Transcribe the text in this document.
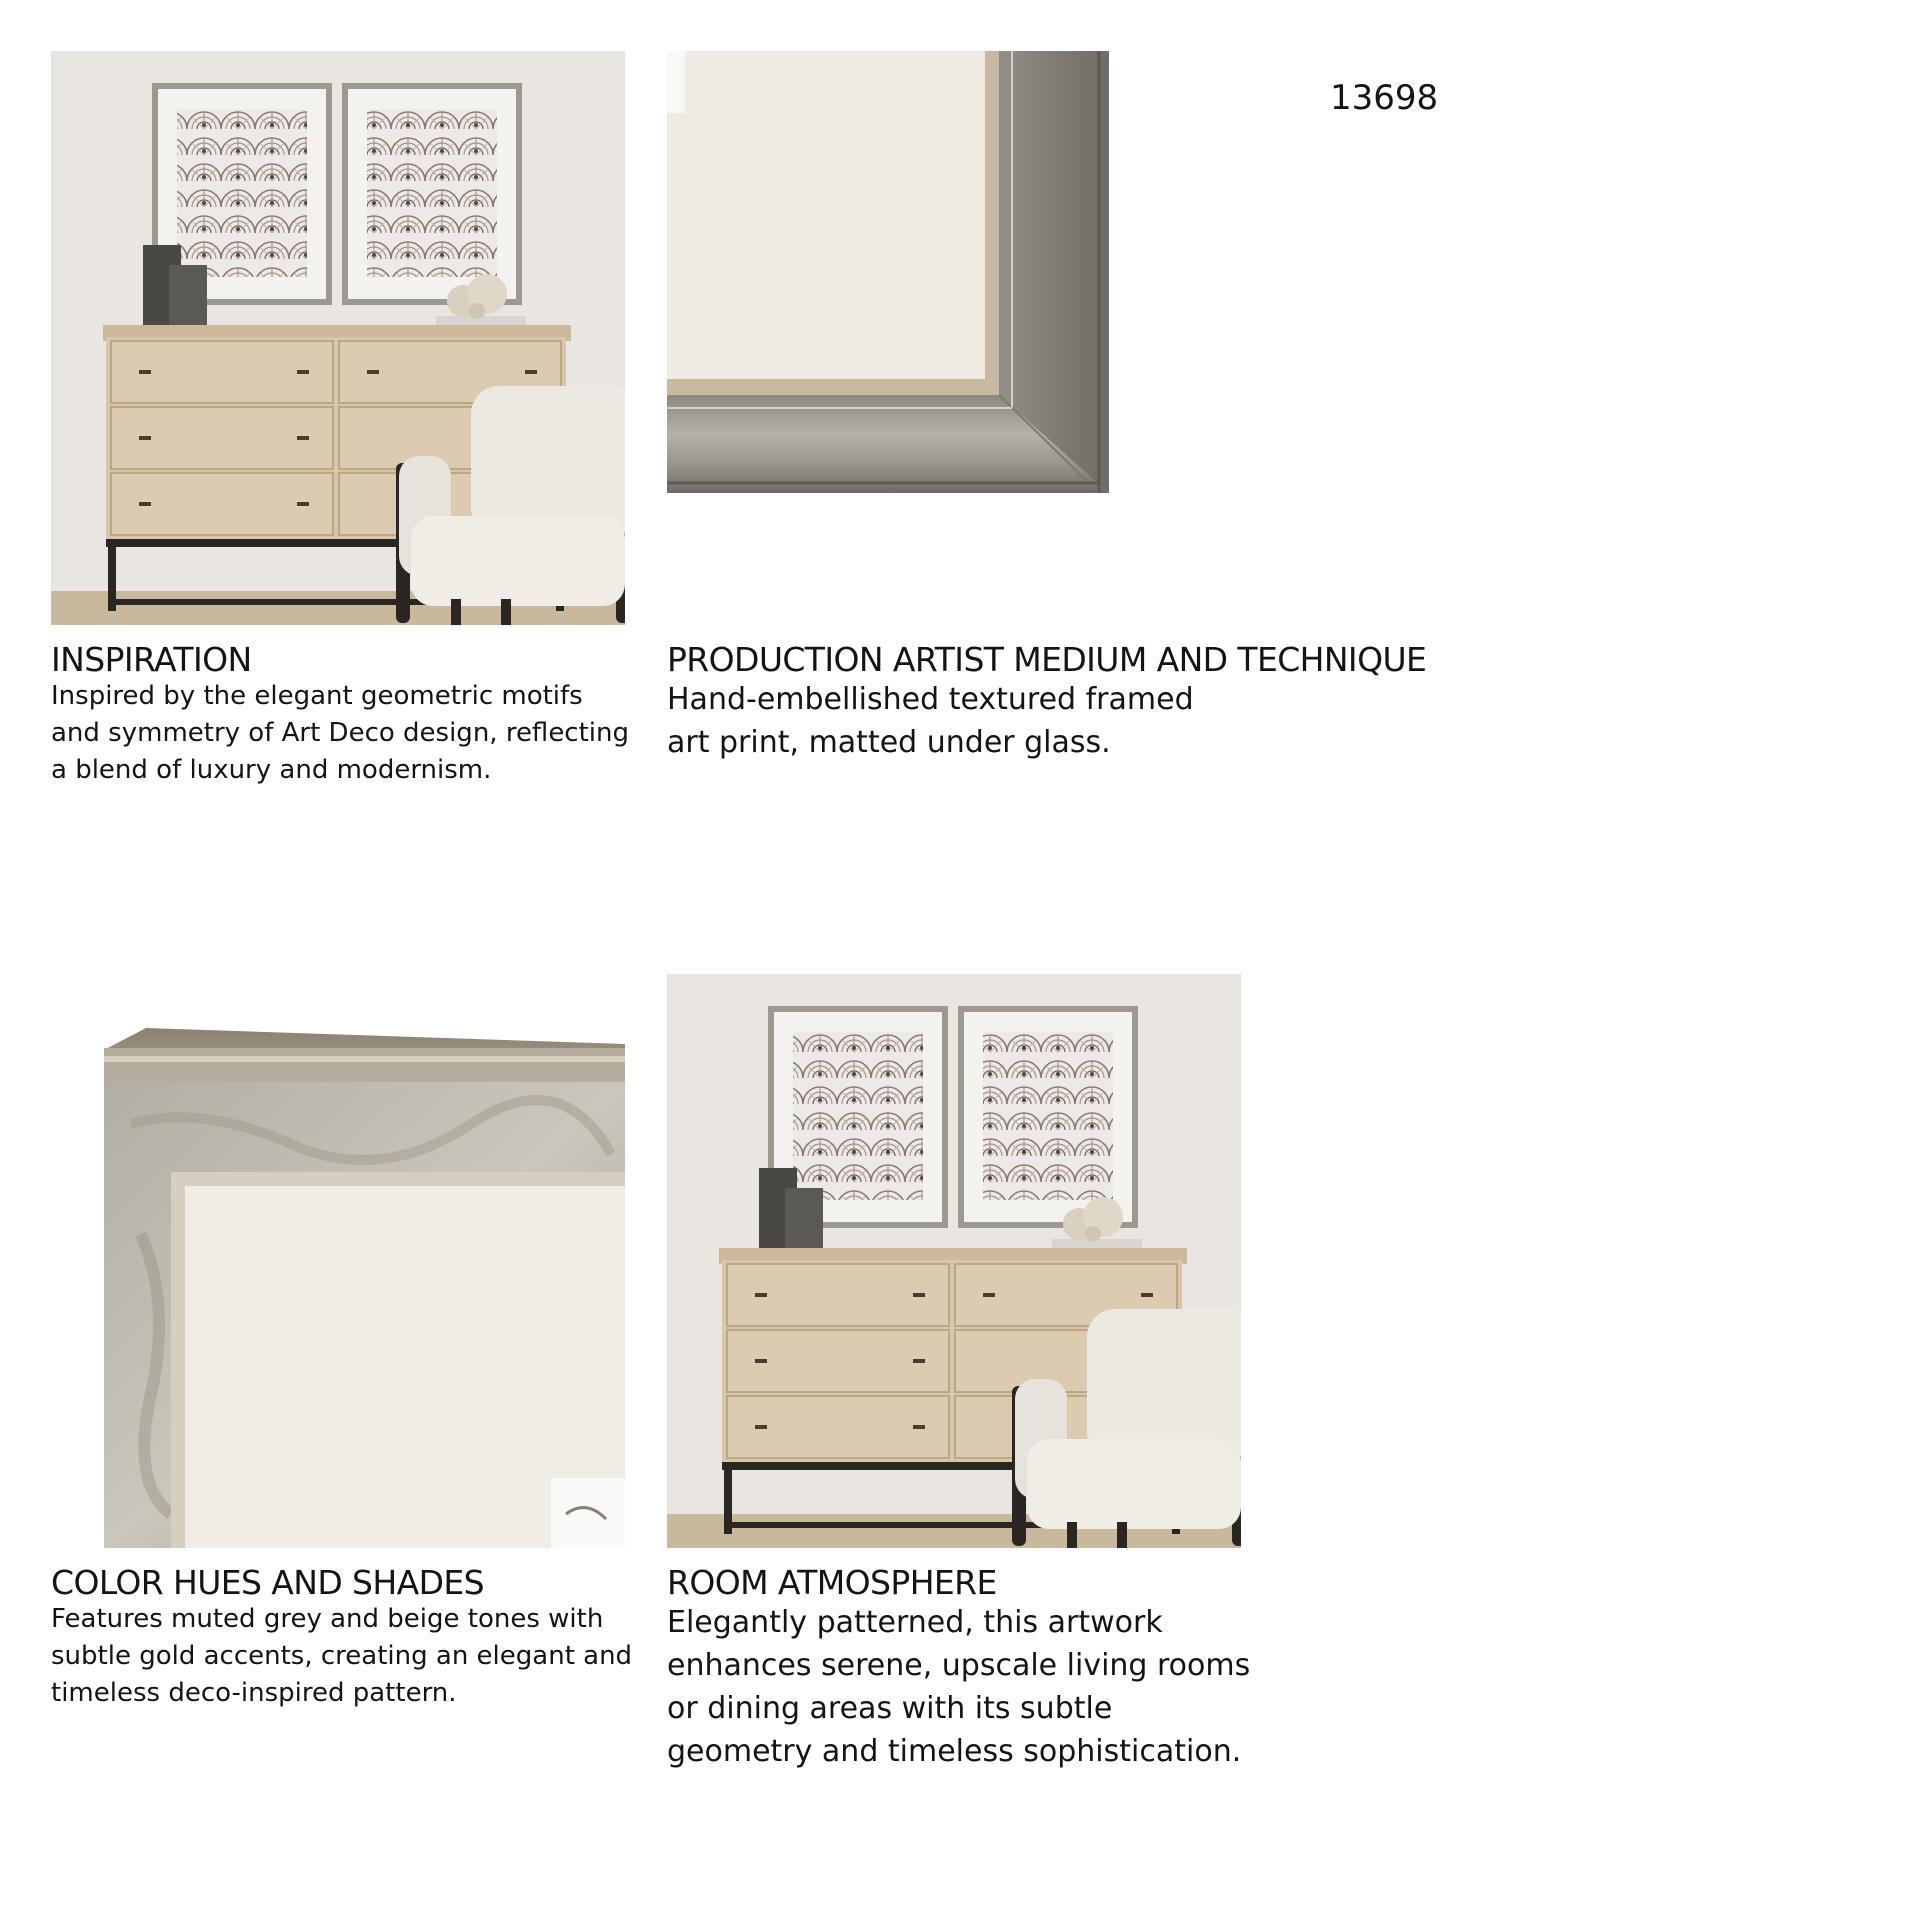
13698
INSPIRATION

Inspired by the elegant geometric motifs and symmetry of Art Deco design, reflecting a blend of luxury and modernism.

PRODUCTION ARTIST MEDIUM AND TECHNIQUE

Hand-embellished textured framed art print, matted under glass.

COLOR HUES AND SHADES

Features muted grey and beige tones with subtle gold accents, creating an elegant and timeless deco-inspired pattern.

ROOM ATMOSPHERE

Elegantly patterned, this artwork enhances serene, upscale living rooms or dining areas with its subtle geometry and timeless sophistication.
